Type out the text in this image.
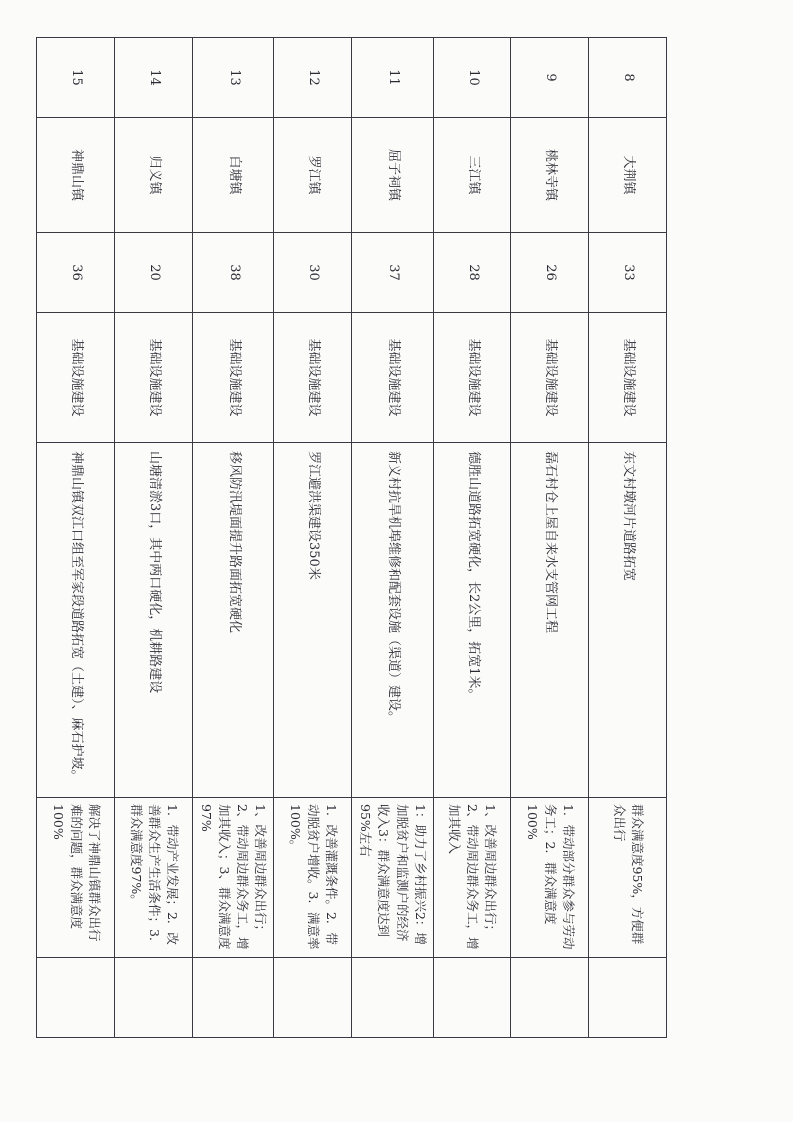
8	大荆镇	33	基础设施建设	东文村墩河片道路拓宽	群众满意度95%，方便群众出行	
9	桃林寺镇	26	基础设施建设	磊石村仓上屋自来水支管网工程	1．带动部分群众参与劳动务工；2．群众满意度100%	
10	三江镇	28	基础设施建设	德胜山道路拓宽硬化，长2公里，拓宽1米。	1、改善周边群众出行；2、带动周边群众务工，增加其收入	
11	屈子祠镇	37	基础设施建设	新义村抗旱机埠维修和配套设施（渠道）建设。	1：助力了乡村振兴2：增加脱贫户和监测户的经济收入3：群众满意度达到95%左右	
12	罗江镇	30	基础设施建设	罗江避洪渠建设350米	1．改善灌溉条件。2．带动脱贫户增收。3．满意率100%。	
13	白塘镇	38	基础设施建设	移风防汛堤面提升路面拓宽硬化	1、改善周边群众出行；2、带动周边群众务工，增加其收入；3、群众满意度97%	
14	归义镇	20	基础设施建设	山塘清淤3口，其中两口硬化，机耕路建设	1．带动产业发展；2．改善群众生产生活条件；3．群众满意度97%。	
15	神鼎山镇	36	基础设施建设	神鼎山镇双江口组至军家段道路拓宽（土建）、麻石护坡。	解决了神鼎山镇群众出行难的问题，群众满意度100%	
